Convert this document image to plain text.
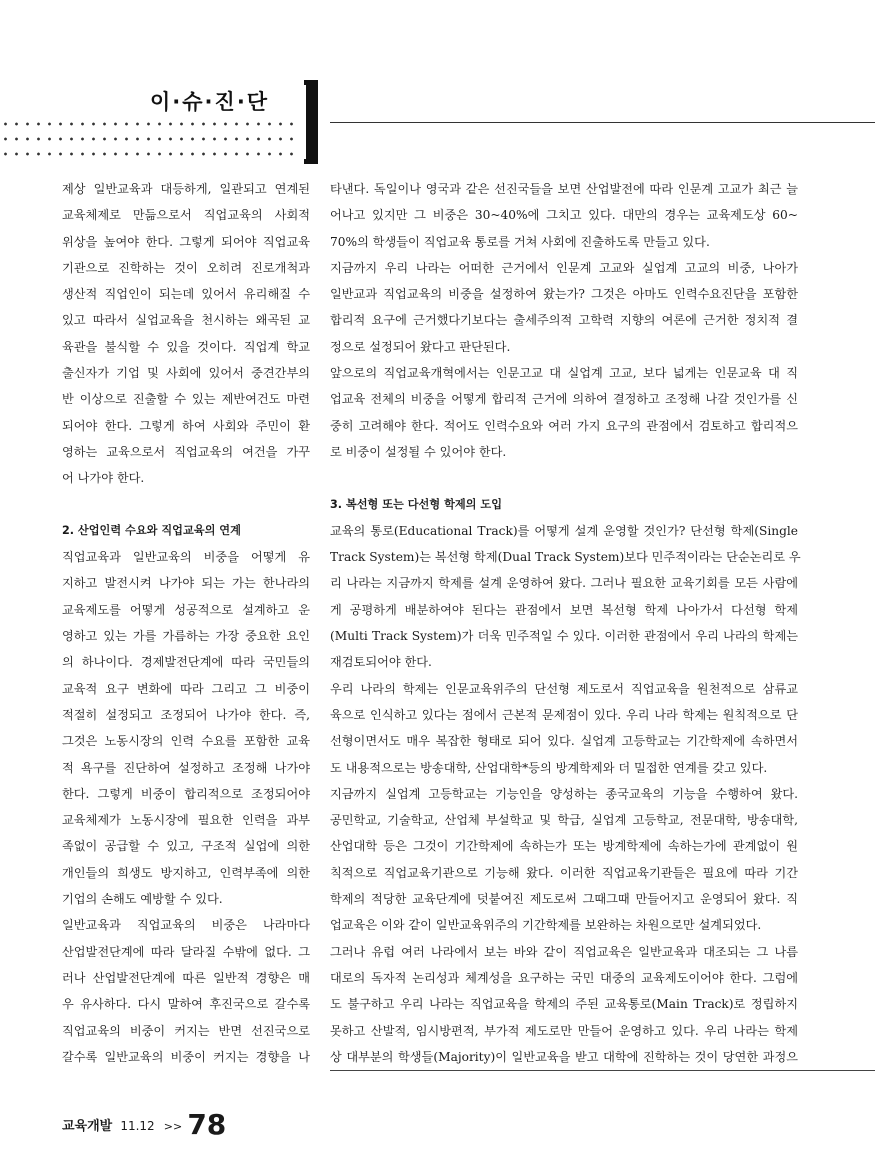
이·슈·진·단
제상 일반교육과 대등하게, 일관되고 연계된
교육체제로 만듦으로서 직업교육의 사회적
위상을 높여야 한다. 그렇게 되어야 직업교육
기관으로 진학하는 것이 오히려 진로개척과
생산적 직업인이 되는데 있어서 유리해질 수
있고 따라서 실업교육을 천시하는 왜곡된 교
육관을 불식할 수 있을 것이다. 직업계 학교
출신자가 기업 및 사회에 있어서 중견간부의
반 이상으로 진출할 수 있는 제반여건도 마련
되어야 한다. 그렇게 하여 사회와 주민이 환
영하는 교육으로서 직업교육의 여건을 가꾸
어 나가야 한다.
2. 산업인력 수요와 직업교육의 연계
직업교육과 일반교육의 비중을 어떻게 유
지하고 발전시켜 나가야 되는 가는 한나라의
교육제도를 어떻게 성공적으로 설계하고 운
영하고 있는 가를 가름하는 가장 중요한 요인
의 하나이다. 경제발전단계에 따라 국민들의
교육적 요구 변화에 따라 그리고 그 비중이
적절히 설정되고 조정되어 나가야 한다. 즉,
그것은 노동시장의 인력 수요를 포함한 교육
적 욕구를 진단하여 설정하고 조정해 나가야
한다. 그렇게 비중이 합리적으로 조정되어야
교육체제가 노동시장에 필요한 인력을 과부
족없이 공급할 수 있고, 구조적 실업에 의한
개인들의 희생도 방지하고, 인력부족에 의한
기업의 손해도 예방할 수 있다.
일반교육과 직업교육의 비중은 나라마다
산업발전단계에 따라 달라질 수밖에 없다. 그
러나 산업발전단계에 따른 일반적 경향은 매
우 유사하다. 다시 말하여 후진국으로 갈수록
직업교육의 비중이 커지는 반면 선진국으로
갈수록 일반교육의 비중이 커지는 경향을 나
타낸다. 독일이나 영국과 같은 선진국들을 보면 산업발전에 따라 인문계 고교가 최근 늘
어나고 있지만 그 비중은 30~40%에 그치고 있다. 대만의 경우는 교육제도상 60~
70%의 학생들이 직업교육 통로를 거쳐 사회에 진출하도록 만들고 있다.
지금까지 우리 나라는 어떠한 근거에서 인문계 고교와 실업계 고교의 비중, 나아가
일반교과 직업교육의 비중을 설정하여 왔는가? 그것은 아마도 인력수요진단을 포함한
합리적 요구에 근거했다기보다는 출세주의적 고학력 지향의 여론에 근거한 정치적 결
정으로 설정되어 왔다고 판단된다.
앞으로의 직업교육개혁에서는 인문고교 대 실업계 고교, 보다 넓게는 인문교육 대 직
업교육 전체의 비중을 어떻게 합리적 근거에 의하여 결정하고 조정해 나갈 것인가를 신
중히 고려해야 한다. 적어도 인력수요와 여러 가지 요구의 관점에서 검토하고 합리적으
로 비중이 설정될 수 있어야 한다.
3. 복선형 또는 다선형 학제의 도입
교육의 통로(Educational Track)를 어떻게 설계 운영할 것인가? 단선형 학제(Single
Track System)는 복선형 학제(Dual Track System)보다 민주적이라는 단순논리로 우
리 나라는 지금까지 학제를 설계 운영하여 왔다. 그러나 필요한 교육기회를 모든 사람에
게 공평하게 배분하여야 된다는 관점에서 보면 복선형 학제 나아가서 다선형 학제
(Multi Track System)가 더욱 민주적일 수 있다. 이러한 관점에서 우리 나라의 학제는
재검토되어야 한다.
우리 나라의 학제는 인문교육위주의 단선형 제도로서 직업교육을 원천적으로 삼류교
육으로 인식하고 있다는 점에서 근본적 문제점이 있다. 우리 나라 학제는 원칙적으로 단
선형이면서도 매우 복잡한 형태로 되어 있다. 실업계 고등학교는 기간학제에 속하면서
도 내용적으로는 방송대학, 산업대학*등의 방계학제와 더 밀접한 연계를 갖고 있다.
지금까지 실업계 고등학교는 기능인을 양성하는 종국교육의 기능을 수행하여 왔다.
공민학교, 기술학교, 산업체 부설학교 및 학급, 실업계 고등학교, 전문대학, 방송대학,
산업대학 등은 그것이 기간학제에 속하는가 또는 방계학제에 속하는가에 관계없이 원
칙적으로 직업교육기관으로 기능해 왔다. 이러한 직업교육기관들은 필요에 따라 기간
학제의 적당한 교육단계에 덧붙여진 제도로써 그때그때 만들어지고 운영되어 왔다. 직
업교육은 이와 같이 일반교육위주의 기간학제를 보완하는 차원으로만 설계되었다.
그러나 유럽 여러 나라에서 보는 바와 같이 직업교육은 일반교육과 대조되는 그 나름
대로의 독자적 논리성과 체계성을 요구하는 국민 대중의 교육제도이어야 한다. 그럼에
도 불구하고 우리 나라는 직업교육을 학제의 주된 교육통로(Main Track)로 정립하지
못하고 산발적, 임시방편적, 부가적 제도로만 만들어 운영하고 있다. 우리 나라는 학제
상 대부분의 학생들(Majority)이 일반교육을 받고 대학에 진학하는 것이 당연한 과정으
교육개발 11.12 >> 78
